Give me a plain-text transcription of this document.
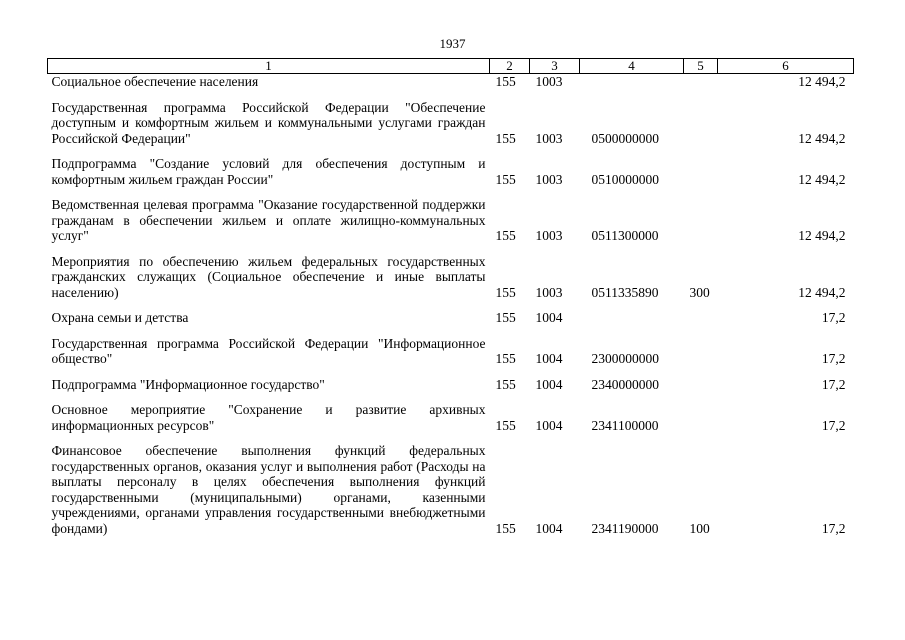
1937
1	2	3	4	5	6
Социальное обеспечение населения	155	1003			12 494,2
Государственная программа Российской Федерации "Обеспечение доступным и комфортным жильем и коммунальными услугами граждан Российской Федерации"	155	1003	0500000000		12 494,2
Подпрограмма "Создание условий для обеспечения доступным и комфортным жильем граждан России"	155	1003	0510000000		12 494,2
Ведомственная целевая программа "Оказание государственной поддержки гражданам в обеспечении жильем и оплате жилищно-коммунальных услуг"	155	1003	0511300000		12 494,2
Мероприятия по обеспечению жильем федеральных государственных гражданских служащих (Социальное обеспечение и иные выплаты населению)	155	1003	0511335890	300	12 494,2
Охрана семьи и детства	155	1004			17,2
Государственная программа Российской Федерации "Информационное общество"	155	1004	2300000000		17,2
Подпрограмма "Информационное государство"	155	1004	2340000000		17,2
Основное мероприятие "Сохранение и развитие архивных информационных ресурсов"	155	1004	2341100000		17,2
Финансовое обеспечение выполнения функций федеральных государственных органов, оказания услуг и выполнения работ (Расходы на выплаты персоналу в целях обеспечения выполнения функций государственными (муниципальными) органами, казенными учреждениями, органами управления государственными внебюджетными фондами)	155	1004	2341190000	100	17,2
